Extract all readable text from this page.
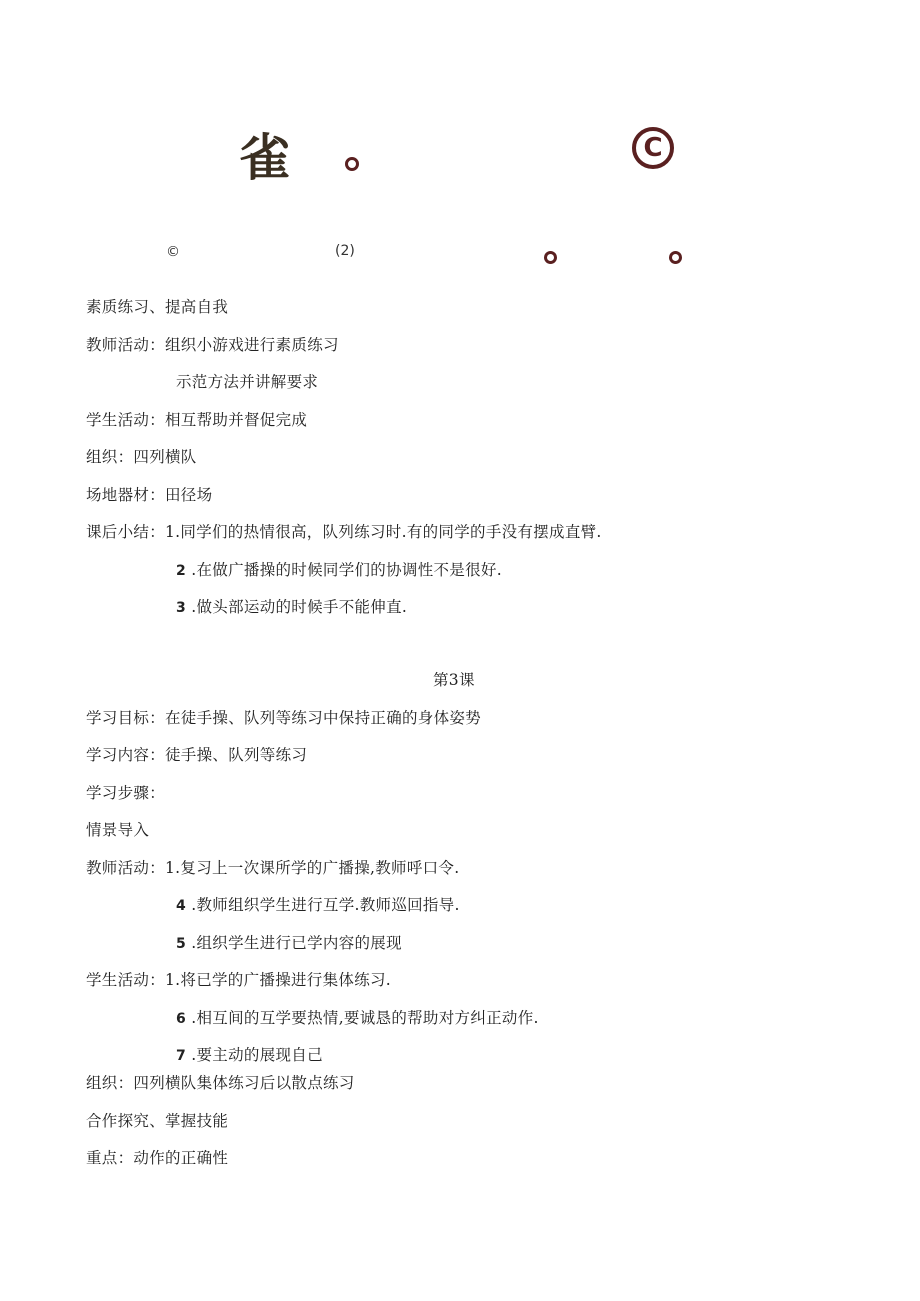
雀	C
©	(2)
素质练习、提高自我
教师活动：组织小游戏进行素质练习
示范方法并讲解要求
学生活动：相互帮助并督促完成
组织：四列横队
场地器材：田径场
课后小结：1.同学们的热情很高，队列练习时.有的同学的手没有摆成直臂.
2 .在做广播操的时候同学们的协调性不是很好.
3 .做头部运动的时候手不能伸直.
第3课
学习目标：在徒手操、队列等练习中保持正确的身体姿势
学习内容：徒手操、队列等练习
学习步骤：
情景导入
教师活动：1.复习上一次课所学的广播操,教师呼口令.
4 .教师组织学生进行互学.教师巡回指导.
5 .组织学生进行已学内容的展现
学生活动：1.将已学的广播操进行集体练习.
6 .相互间的互学要热情,要诚恳的帮助对方纠正动作.
7 .要主动的展现自己
组织：四列横队集体练习后以散点练习
合作探究、掌握技能
重点：动作的正确性
